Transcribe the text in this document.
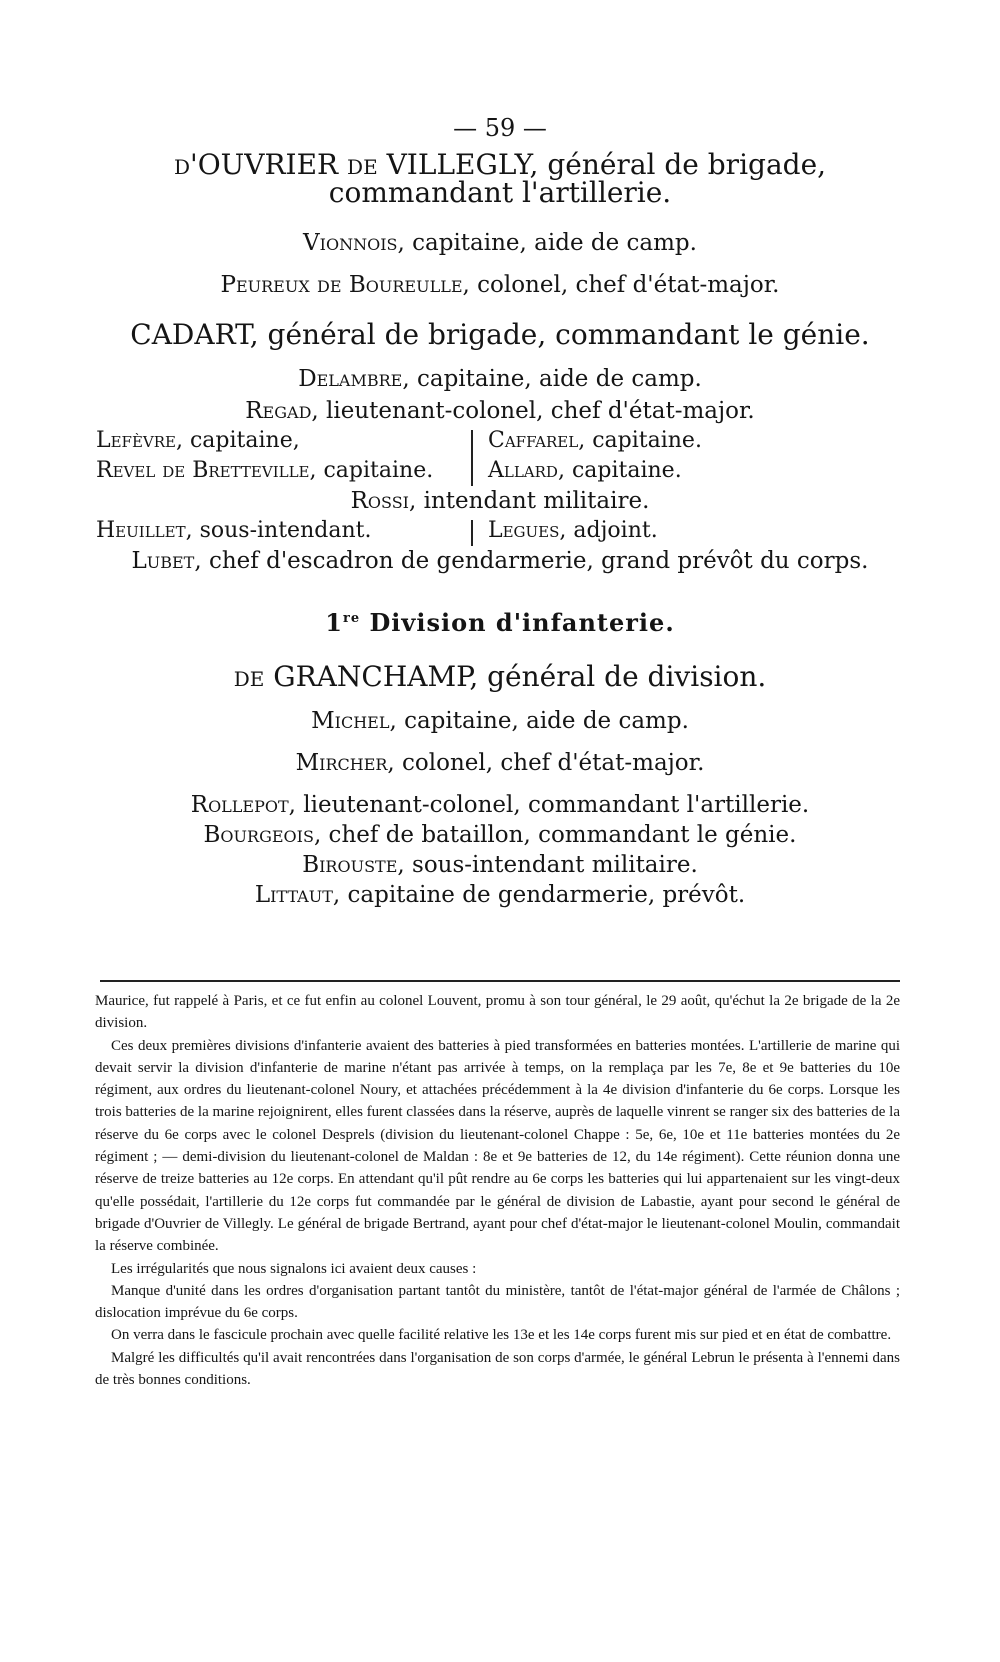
— 59 —
d'OUVRIER de VILLEGLY, général de brigade,
commandant l'artillerie.
Vionnois, capitaine, aide de camp.
Peureux de Boureulle, colonel, chef d'état-major.
CADART, général de brigade, commandant le génie.
Delambre, capitaine, aide de camp.
Regad, lieutenant-colonel, chef d'état-major.
Lefèvre, capitaine,	Caffarel, capitaine.
Revel de Bretteville, capitaine. Allard, capitaine.
Rossi, intendant militaire.
Heuillet, sous-intendant.	Legues, adjoint.
Lubet, chef d'escadron de gendarmerie, grand prévôt du corps.
1re Division d'infanterie.
de GRANCHAMP, général de division.
Michel, capitaine, aide de camp.
Mircher, colonel, chef d'état-major.
Rollepot, lieutenant-colonel, commandant l'artillerie.
Bourgeois, chef de bataillon, commandant le génie.
Birouste, sous-intendant militaire.
Littaut, capitaine de gendarmerie, prévôt.

Maurice, fut rappelé à Paris, et ce fut enfin au colonel Louvent, promu à son tour général, le 29 août, qu'échut la 2e brigade de la 2e division.

Ces deux premières divisions d'infanterie avaient des batteries à pied transformées en batteries montées. L'artillerie de marine qui devait servir la division d'infanterie de marine n'étant pas arrivée à temps, on la remplaça par les 7e, 8e et 9e batteries du 10e régiment, aux ordres du lieutenant-colonel Noury, et attachées précédemment à la 4e division d'infanterie du 6e corps. Lorsque les trois batteries de la marine rejoignirent, elles furent classées dans la réserve, auprès de laquelle vinrent se ranger six des batteries de la réserve du 6e corps avec le colonel Desprels (division du lieutenant-colonel Chappe : 5e, 6e, 10e et 11e batteries montées du 2e régiment ; — demi-division du lieutenant-colonel de Maldan : 8e et 9e batteries de 12, du 14e régiment). Cette réunion donna une réserve de treize batteries au 12e corps. En attendant qu'il pût rendre au 6e corps les batteries qui lui appartenaient sur les vingt-deux qu'elle possédait, l'artillerie du 12e corps fut commandée par le général de division de Labastie, ayant pour second le général de brigade d'Ouvrier de Villegly. Le général de brigade Bertrand, ayant pour chef d'état-major le lieutenant-colonel Moulin, commandait la réserve combinée.

Les irrégularités que nous signalons ici avaient deux causes :

Manque d'unité dans les ordres d'organisation partant tantôt du ministère, tantôt de l'état-major général de l'armée de Châlons ; dislocation imprévue du 6e corps.

On verra dans le fascicule prochain avec quelle facilité relative les 13e et les 14e corps furent mis sur pied et en état de combattre.

Malgré les difficultés qu'il avait rencontrées dans l'organisation de son corps d'armée, le général Lebrun le présenta à l'ennemi dans de très bonnes conditions.
